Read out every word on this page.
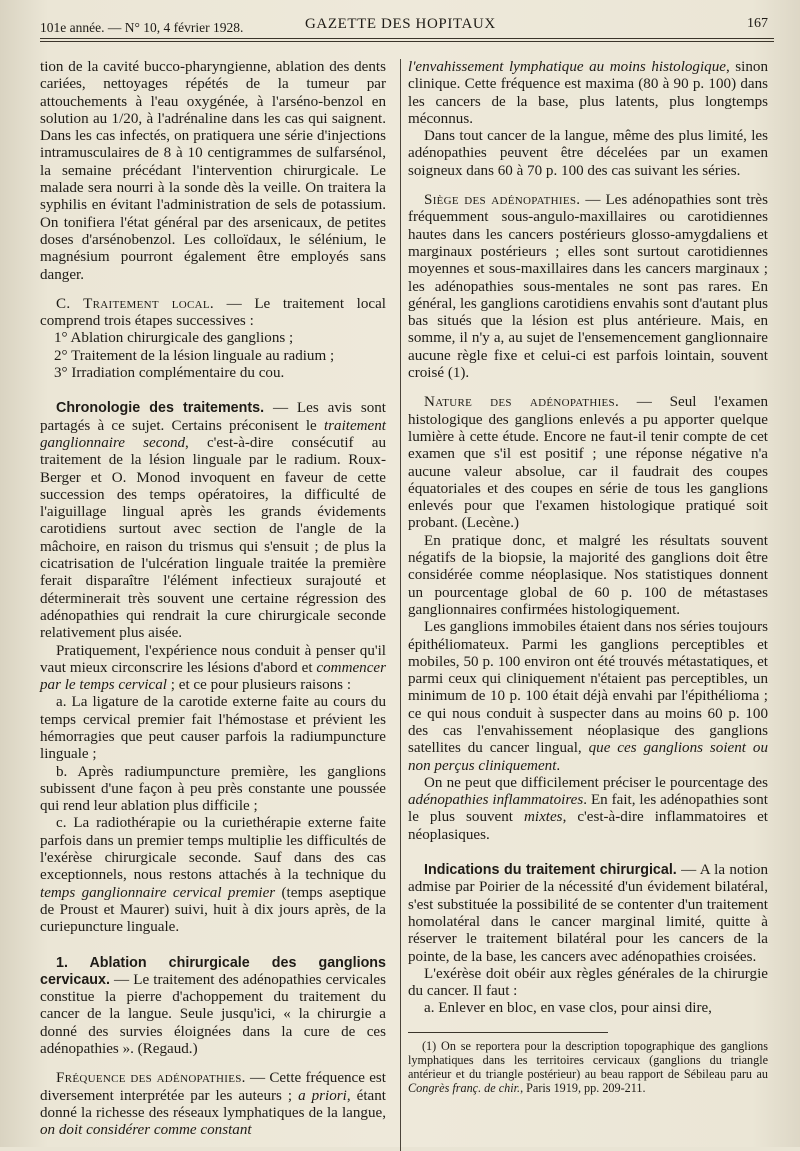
101e année. — N° 10, 4 février 1928.	GAZETTE DES HOPITAUX	167

tion de la cavité bucco-pharyngienne, ablation des dents cariées, nettoyages répétés de la tumeur par attouchements à l'eau oxygénée, à l'arséno-benzol en solution au 1/20, à l'adrénaline dans les cas qui saignent. Dans les cas infectés, on pratiquera une série d'injections intramusculaires de 8 à 10 centigrammes de sulfarsénol, la semaine précédant l'intervention chirurgicale. Le malade sera nourri à la sonde dès la veille. On traitera la syphilis en évitant l'administration de sels de potassium. On tonifiera l'état général par des arsenicaux, de petites doses d'arsénobenzol. Les colloïdaux, le sélénium, le magnésium pourront également être employés sans danger.

C. Traitement local. — Le traitement local comprend trois étapes successives :

1° Ablation chirurgicale des ganglions ;

2° Traitement de la lésion linguale au radium ;

3° Irradiation complémentaire du cou.

Chronologie des traitements. — Les avis sont partagés à ce sujet. Certains préconisent le traitement ganglionnaire second, c'est-à-dire consécutif au traitement de la lésion linguale par le radium. Roux-Berger et O. Monod invoquent en faveur de cette succession des temps opératoires, la difficulté de l'aiguillage lingual après les grands évidements carotidiens surtout avec section de l'angle de la mâchoire, en raison du trismus qui s'ensuit ; de plus la cicatrisation de l'ulcération linguale traitée la première ferait disparaître l'élément infectieux surajouté et déterminerait très souvent une certaine régression des adénopathies qui rendrait la cure chirurgicale seconde relativement plus aisée.

Pratiquement, l'expérience nous conduit à penser qu'il vaut mieux circonscrire les lésions d'abord et commencer par le temps cervical ; et ce pour plusieurs raisons :

a. La ligature de la carotide externe faite au cours du temps cervical premier fait l'hémostase et prévient les hémorragies que peut causer parfois la radiumpuncture linguale ;

b. Après radiumpuncture première, les ganglions subissent d'une façon à peu près constante une poussée qui rend leur ablation plus difficile ;

c. La radiothérapie ou la curiethérapie externe faite parfois dans un premier temps multiplie les difficultés de l'exérèse chirurgicale seconde. Sauf dans des cas exceptionnels, nous restons attachés à la technique du temps ganglionnaire cervical premier (temps aseptique de Proust et Maurer) suivi, huit à dix jours après, de la curiepuncture linguale.

1. Ablation chirurgicale des ganglions cervicaux. — Le traitement des adénopathies cervicales constitue la pierre d'achoppement du traitement du cancer de la langue. Seule jusqu'ici, « la chirurgie a donné des survies éloignées dans la cure de ces adénopathies ». (Regaud.)

Fréquence des adénopathies. — Cette fréquence est diversement interprétée par les auteurs ; a priori, étant donné la richesse des réseaux lymphatiques de la langue, on doit considérer comme constant

l'envahissement lymphatique au moins histologique, sinon clinique. Cette fréquence est maxima (80 à 90 p. 100) dans les cancers de la base, plus latents, plus longtemps méconnus.

Dans tout cancer de la langue, même des plus limité, les adénopathies peuvent être décelées par un examen soigneux dans 60 à 70 p. 100 des cas suivant les séries.

Siège des adénopathies. — Les adénopathies sont très fréquemment sous-angulo-maxillaires ou carotidiennes hautes dans les cancers postérieurs glosso-amygdaliens et marginaux postérieurs ; elles sont surtout carotidiennes moyennes et sous-maxillaires dans les cancers marginaux ; les adénopathies sous-mentales ne sont pas rares. En général, les ganglions carotidiens envahis sont d'autant plus bas situés que la lésion est plus antérieure. Mais, en somme, il n'y a, au sujet de l'ensemencement ganglionnaire aucune règle fixe et celui-ci est parfois lointain, souvent croisé (1).

Nature des adénopathies. — Seul l'examen histologique des ganglions enlevés a pu apporter quelque lumière à cette étude. Encore ne faut-il tenir compte de cet examen que s'il est positif ; une réponse négative n'a aucune valeur absolue, car il faudrait des coupes équatoriales et des coupes en série de tous les ganglions enlevés pour que l'examen histologique pratiqué soit probant. (Lecène.)

En pratique donc, et malgré les résultats souvent négatifs de la biopsie, la majorité des ganglions doit être considérée comme néoplasique. Nos statistiques donnent un pourcentage global de 60 p. 100 de métastases ganglionnaires confirmées histologiquement.

Les ganglions immobiles étaient dans nos séries toujours épithéliomateux. Parmi les ganglions perceptibles et mobiles, 50 p. 100 environ ont été trouvés métastatiques, et parmi ceux qui cliniquement n'étaient pas perceptibles, un minimum de 10 p. 100 était déjà envahi par l'épithélioma ; ce qui nous conduit à suspecter dans au moins 60 p. 100 des cas l'envahissement néoplasique des ganglions satellites du cancer lingual, que ces ganglions soient ou non perçus cliniquement.

On ne peut que difficilement préciser le pourcentage des adénopathies inflammatoires. En fait, les adénopathies sont le plus souvent mixtes, c'est-à-dire inflammatoires et néoplasiques.

Indications du traitement chirurgical. — A la notion admise par Poirier de la nécessité d'un évidement bilatéral, s'est substituée la possibilité de se contenter d'un traitement homolatéral dans le cancer marginal limité, quitte à réserver le traitement bilatéral pour les cancers de la pointe, de la base, les cancers avec adénopathies croisées.

L'exérèse doit obéir aux règles générales de la chirurgie du cancer. Il faut :

a. Enlever en bloc, en vase clos, pour ainsi dire,

(1) On se reportera pour la description topographique des ganglions lymphatiques dans les territoires cervicaux (ganglions du triangle antérieur et du triangle postérieur) au beau rapport de Sébileau paru au Congrès franç. de chir., Paris 1919, pp. 209-211.
